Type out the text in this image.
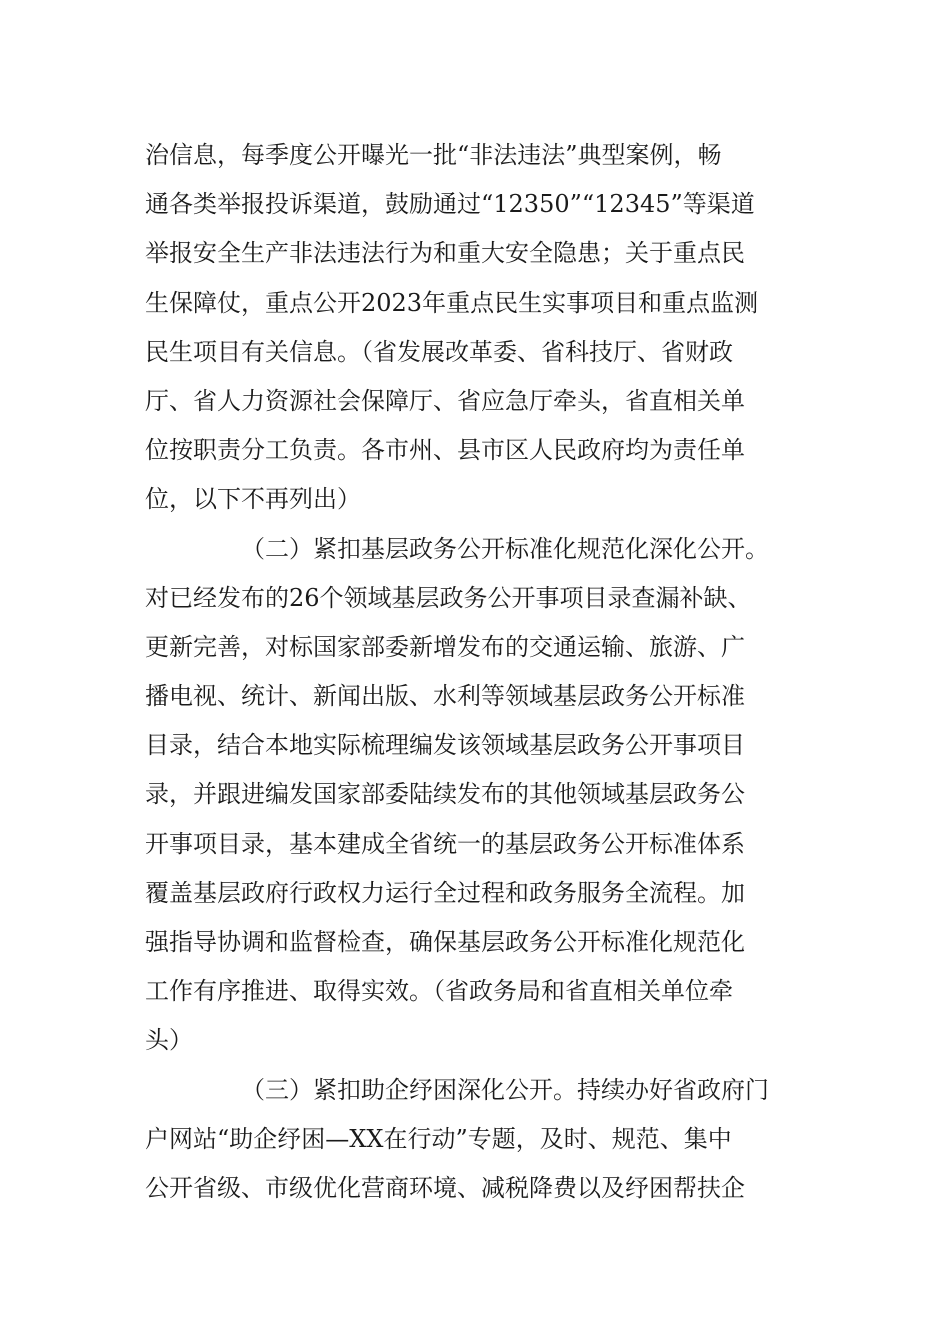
治信息，每季度公开曝光一批“非法违法”典型案例，畅
通各类举报投诉渠道，鼓励通过“12350”“12345”等渠道
举报安全生产非法违法行为和重大安全隐患；关于重点民
生保障仗，重点公开2023年重点民生实事项目和重点监测
民生项目有关信息。（省发展改革委、省科技厅、省财政
厅、省人力资源社会保障厅、省应急厅牵头，省直相关单
位按职责分工负责。各市州、县市区人民政府均为责任单
位，以下不再列出）
（二）紧扣基层政务公开标准化规范化深化公开。
对已经发布的26个领域基层政务公开事项目录查漏补缺、
更新完善，对标国家部委新增发布的交通运输、旅游、广
播电视、统计、新闻出版、水利等领域基层政务公开标准
目录，结合本地实际梳理编发该领域基层政务公开事项目
录，并跟进编发国家部委陆续发布的其他领域基层政务公
开事项目录，基本建成全省统一的基层政务公开标准体系
覆盖基层政府行政权力运行全过程和政务服务全流程。加
强指导协调和监督检查，确保基层政务公开标准化规范化
工作有序推进、取得实效。（省政务局和省直相关单位牵
头）
（三）紧扣助企纾困深化公开。持续办好省政府门
户网站“助企纾困—XX在行动”专题，及时、规范、集中
公开省级、市级优化营商环境、减税降费以及纾困帮扶企
